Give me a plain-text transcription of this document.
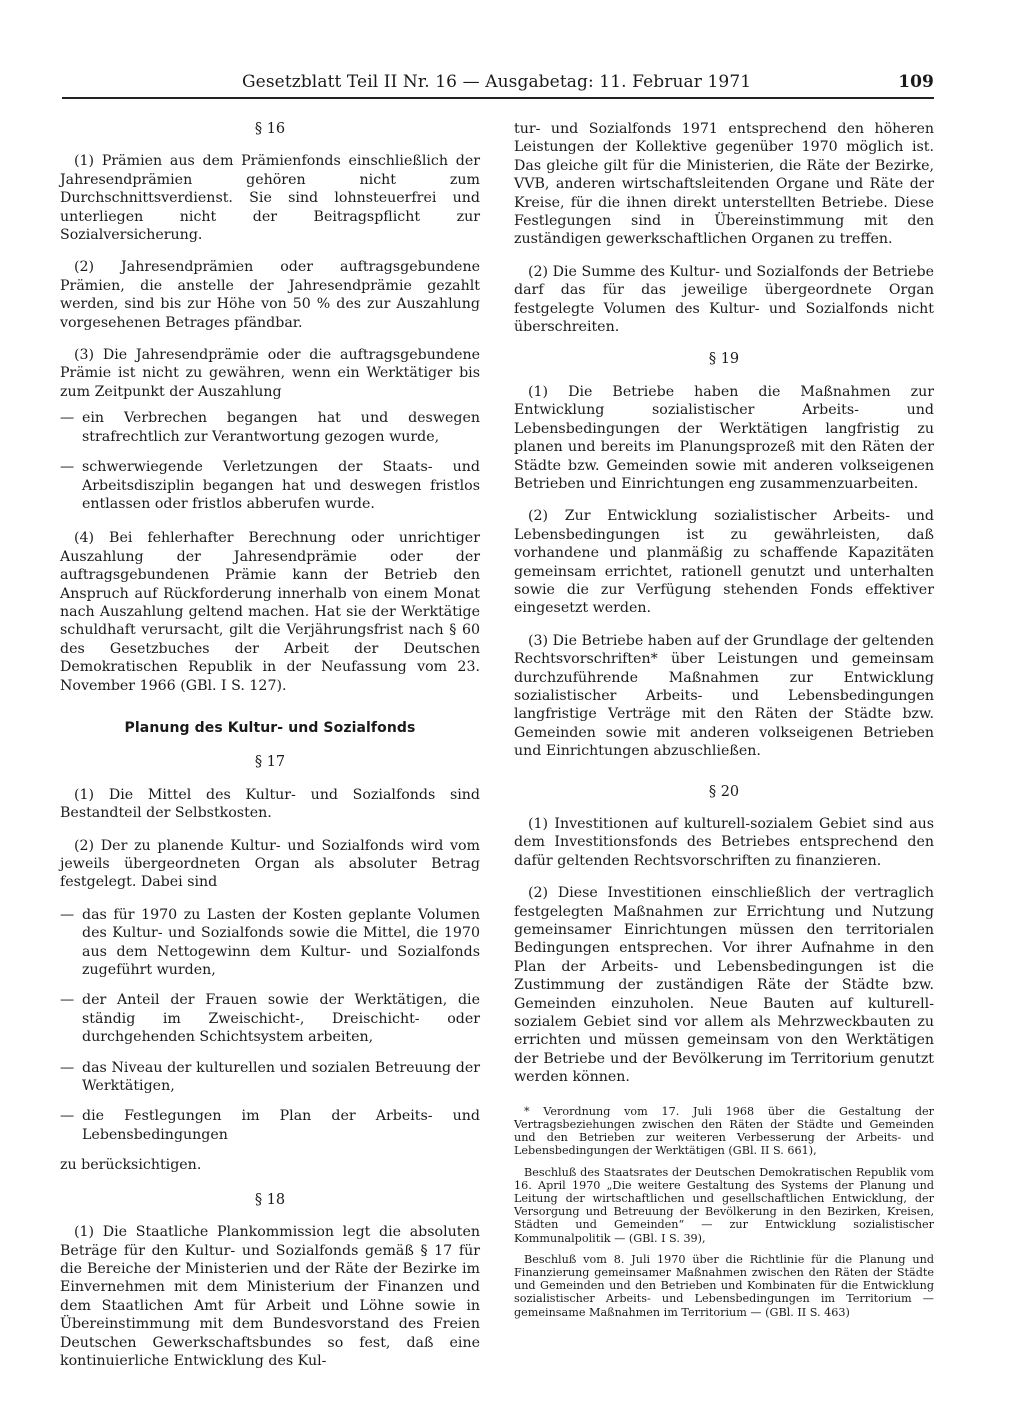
Gesetzblatt Teil II Nr. 16 — Ausgabetag: 11. Februar 1971	109
§ 16

(1) Prämien aus dem Prämienfonds einschließlich der Jahresendprämien gehören nicht zum Durchschnittsverdienst. Sie sind lohnsteuerfrei und unterliegen nicht der Beitragspflicht zur Sozialversicherung.

(2) Jahresendprämien oder auftragsgebundene Prämien, die anstelle der Jahresendprämie gezahlt werden, sind bis zur Höhe von 50 % des zur Auszahlung vorgesehenen Betrages pfändbar.

(3) Die Jahresendprämie oder die auftragsgebundene Prämie ist nicht zu gewähren, wenn ein Werktätiger bis zum Zeitpunkt der Auszahlung

— ein Verbrechen begangen hat und deswegen strafrechtlich zur Verantwortung gezogen wurde,
— schwerwiegende Verletzungen der Staats- und Arbeitsdisziplin begangen hat und deswegen fristlos entlassen oder fristlos abberufen wurde.

(4) Bei fehlerhafter Berechnung oder unrichtiger Auszahlung der Jahresendprämie oder der auftragsgebundenen Prämie kann der Betrieb den Anspruch auf Rückforderung innerhalb von einem Monat nach Auszahlung geltend machen. Hat sie der Werktätige schuldhaft verursacht, gilt die Verjährungsfrist nach § 60 des Gesetzbuches der Arbeit der Deutschen Demokratischen Republik in der Neufassung vom 23. November 1966 (GBl. I S. 127).

Planung des Kultur- und Sozialfonds
§ 17

(1) Die Mittel des Kultur- und Sozialfonds sind Bestandteil der Selbstkosten.

(2) Der zu planende Kultur- und Sozialfonds wird vom jeweils übergeordneten Organ als absoluter Betrag festgelegt. Dabei sind

— das für 1970 zu Lasten der Kosten geplante Volumen des Kultur- und Sozialfonds sowie die Mittel, die 1970 aus dem Nettogewinn dem Kultur- und Sozialfonds zugeführt wurden,
— der Anteil der Frauen sowie der Werktätigen, die ständig im Zweischicht-, Dreischicht- oder durchgehenden Schichtsystem arbeiten,
— das Niveau der kulturellen und sozialen Betreuung der Werktätigen,
— die Festlegungen im Plan der Arbeits- und Lebensbedingungen

zu berücksichtigen.

§ 18

(1) Die Staatliche Plankommission legt die absoluten Beträge für den Kultur- und Sozialfonds gemäß § 17 für die Bereiche der Ministerien und der Räte der Bezirke im Einvernehmen mit dem Ministerium der Finanzen und dem Staatlichen Amt für Arbeit und Löhne sowie in Übereinstimmung mit dem Bundesvorstand des Freien Deutschen Gewerkschaftsbundes so fest, daß eine kontinuierliche Entwicklung des Kul-

tur- und Sozialfonds 1971 entsprechend den höheren Leistungen der Kollektive gegenüber 1970 möglich ist. Das gleiche gilt für die Ministerien, die Räte der Bezirke, VVB, anderen wirtschaftsleitenden Organe und Räte der Kreise, für die ihnen direkt unterstellten Betriebe. Diese Festlegungen sind in Übereinstimmung mit den zuständigen gewerkschaftlichen Organen zu treffen.

(2) Die Summe des Kultur- und Sozialfonds der Betriebe darf das für das jeweilige übergeordnete Organ festgelegte Volumen des Kultur- und Sozialfonds nicht überschreiten.

§ 19

(1) Die Betriebe haben die Maßnahmen zur Entwicklung sozialistischer Arbeits- und Lebensbedingungen der Werktätigen langfristig zu planen und bereits im Planungsprozeß mit den Räten der Städte bzw. Gemeinden sowie mit anderen volkseigenen Betrieben und Einrichtungen eng zusammenzuarbeiten.

(2) Zur Entwicklung sozialistischer Arbeits- und Lebensbedingungen ist zu gewährleisten, daß vorhandene und planmäßig zu schaffende Kapazitäten gemeinsam errichtet, rationell genutzt und unterhalten sowie die zur Verfügung stehenden Fonds effektiver eingesetzt werden.

(3) Die Betriebe haben auf der Grundlage der geltenden Rechtsvorschriften* über Leistungen und gemeinsam durchzuführende Maßnahmen zur Entwicklung sozialistischer Arbeits- und Lebensbedingungen langfristige Verträge mit den Räten der Städte bzw. Gemeinden sowie mit anderen volkseigenen Betrieben und Einrichtungen abzuschließen.

§ 20

(1) Investitionen auf kulturell-sozialem Gebiet sind aus dem Investitionsfonds des Betriebes entsprechend den dafür geltenden Rechtsvorschriften zu finanzieren.

(2) Diese Investitionen einschließlich der vertraglich festgelegten Maßnahmen zur Errichtung und Nutzung gemeinsamer Einrichtungen müssen den territorialen Bedingungen entsprechen. Vor ihrer Aufnahme in den Plan der Arbeits- und Lebensbedingungen ist die Zustimmung der zuständigen Räte der Städte bzw. Gemeinden einzuholen. Neue Bauten auf kulturell-sozialem Gebiet sind vor allem als Mehrzweckbauten zu errichten und müssen gemeinsam von den Werktätigen der Betriebe und der Bevölkerung im Territorium genutzt werden können.

* Verordnung vom 17. Juli 1968 über die Gestaltung der Vertragsbeziehungen zwischen den Räten der Städte und Gemeinden und den Betrieben zur weiteren Verbesserung der Arbeits- und Lebensbedingungen der Werktätigen (GBl. II S. 661),

Beschluß des Staatsrates der Deutschen Demokratischen Republik vom 16. April 1970 „Die weitere Gestaltung des Systems der Planung und Leitung der wirtschaftlichen und gesellschaftlichen Entwicklung, der Versorgung und Betreuung der Bevölkerung in den Bezirken, Kreisen, Städten und Gemeinden“ — zur Entwicklung sozialistischer Kommunalpolitik — (GBl. I S. 39),

Beschluß vom 8. Juli 1970 über die Richtlinie für die Planung und Finanzierung gemeinsamer Maßnahmen zwischen den Räten der Städte und Gemeinden und den Betrieben und Kombinaten für die Entwicklung sozialistischer Arbeits- und Lebensbedingungen im Territorium — gemeinsame Maßnahmen im Territorium — (GBl. II S. 463)
